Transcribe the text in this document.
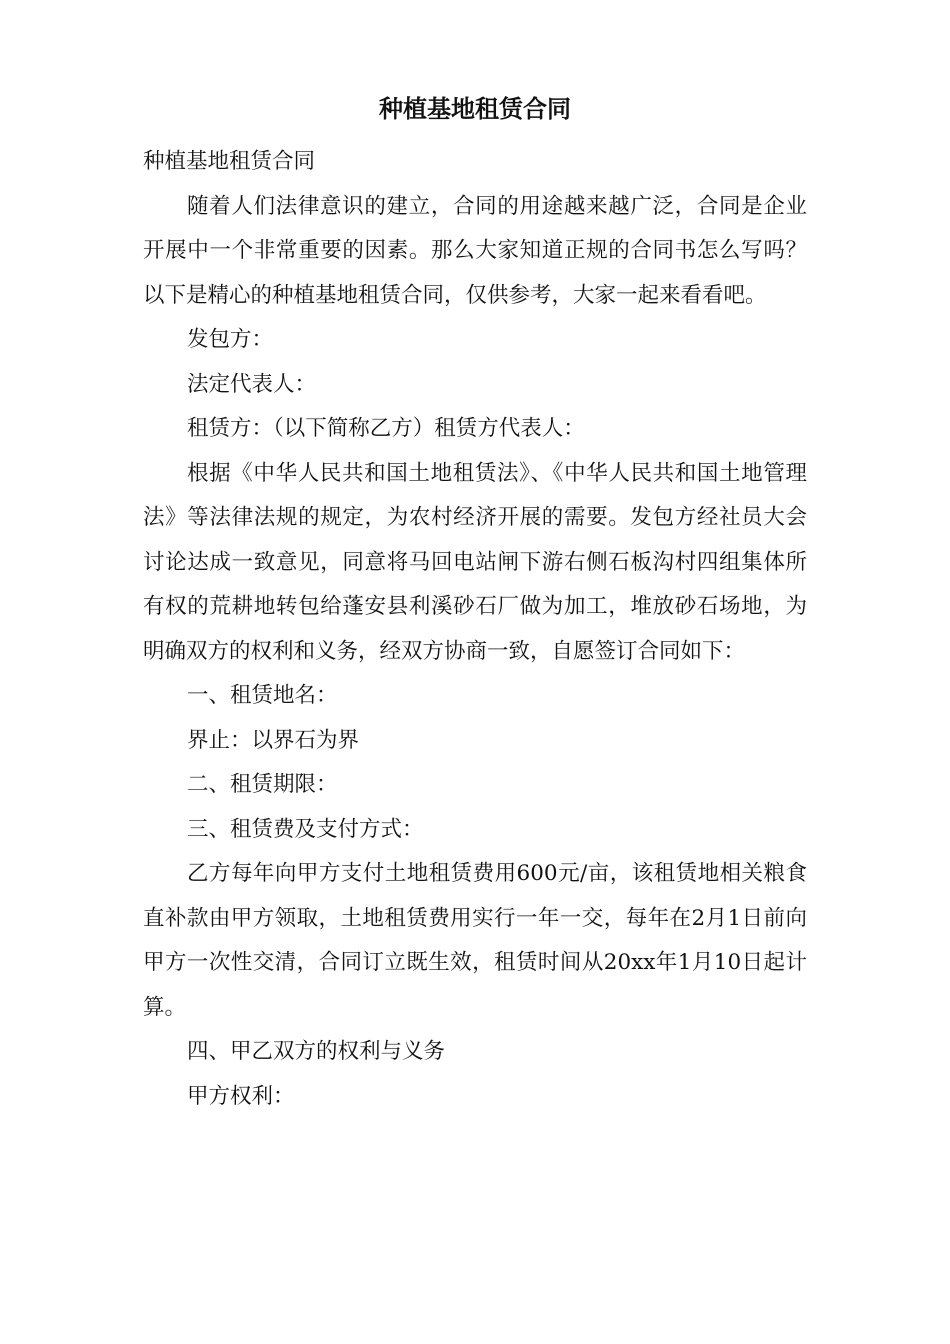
种植基地租赁合同

种植基地租赁合同

随着人们法律意识的建立，合同的用途越来越广泛，合同是企业开展中一个非常重要的因素。那么大家知道正规的合同书怎么写吗？以下是精心的种植基地租赁合同，仅供参考，大家一起来看看吧。

发包方：

法定代表人：

租赁方：（以下简称乙方）租赁方代表人：

根据《中华人民共和国土地租赁法》、《中华人民共和国土地管理法》等法律法规的规定，为农村经济开展的需要。发包方经社员大会讨论达成一致意见，同意将马回电站闸下游右侧石板沟村四组集体所有权的荒耕地转包给蓬安县利溪砂石厂做为加工，堆放砂石场地，为明确双方的权利和义务，经双方协商一致，自愿签订合同如下：

一、租赁地名：

界止：以界石为界

二、租赁期限：

三、租赁费及支付方式：

乙方每年向甲方支付土地租赁费用600元/亩，该租赁地相关粮食直补款由甲方领取，土地租赁费用实行一年一交，每年在2月1日前向甲方一次性交清，合同订立既生效，租赁时间从20xx年1月10日起计算。

四、甲乙双方的权利与义务

甲方权利：
